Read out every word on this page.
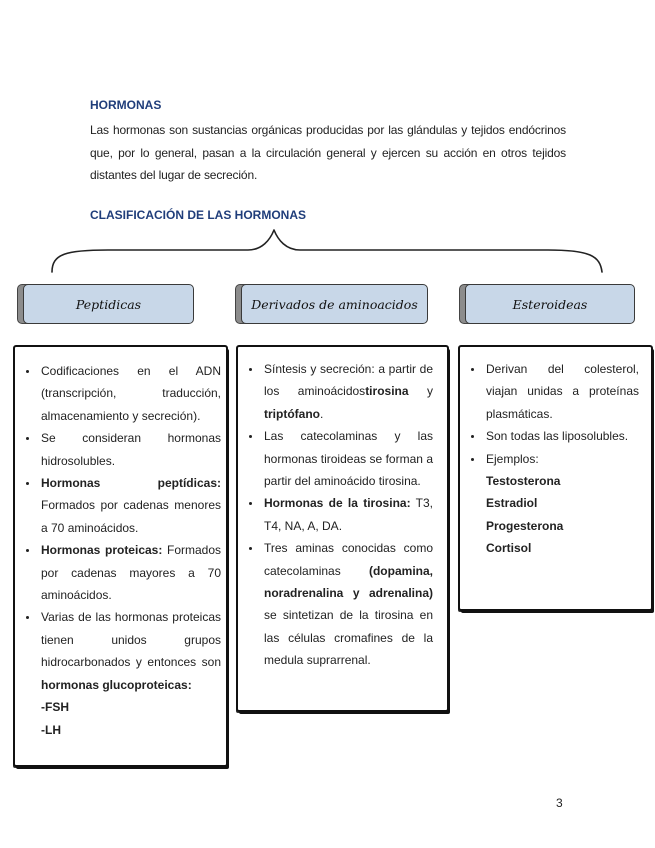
HORMONAS
Las hormonas son sustancias orgánicas producidas por las glándulas y tejidos endócrinos que, por lo general, pasan a la circulación general y ejercen su acción en otros tejidos distantes del lugar de secreción.
CLASIFICACIÓN DE LAS HORMONAS
Peptidicas	Derivados de aminoacidos	Esteroideas
• Codificaciones en el ADN (transcripción, traducción, almacenamiento y secreción).
• Se consideran hormonas hidrosolubles.
• Hormonas peptídicas: Formados por cadenas menores a 70 aminoácidos.
• Hormonas proteicas: Formados por cadenas mayores a 70 aminoácidos.
• Varias de las hormonas proteicas tienen unidos grupos hidrocarbonados y entonces son hormonas glucoproteicas:
-FSH
-LH
• Síntesis y secreción: a partir de los aminoácidostirosina y triptófano.
• Las catecolaminas y las hormonas tiroideas se forman a partir del aminoácido tirosina.
• Hormonas de la tirosina: T3, T4, NA, A, DA.
• Tres aminas conocidas como catecolaminas (dopamina, noradrenalina y adrenalina) se sintetizan de la tirosina en las células cromafines de la medula suprarrenal.
• Derivan del colesterol, viajan unidas a proteínas plasmáticas.
• Son todas las liposolubles.
• Ejemplos:
Testosterona
Estradiol
Progesterona
Cortisol
3
